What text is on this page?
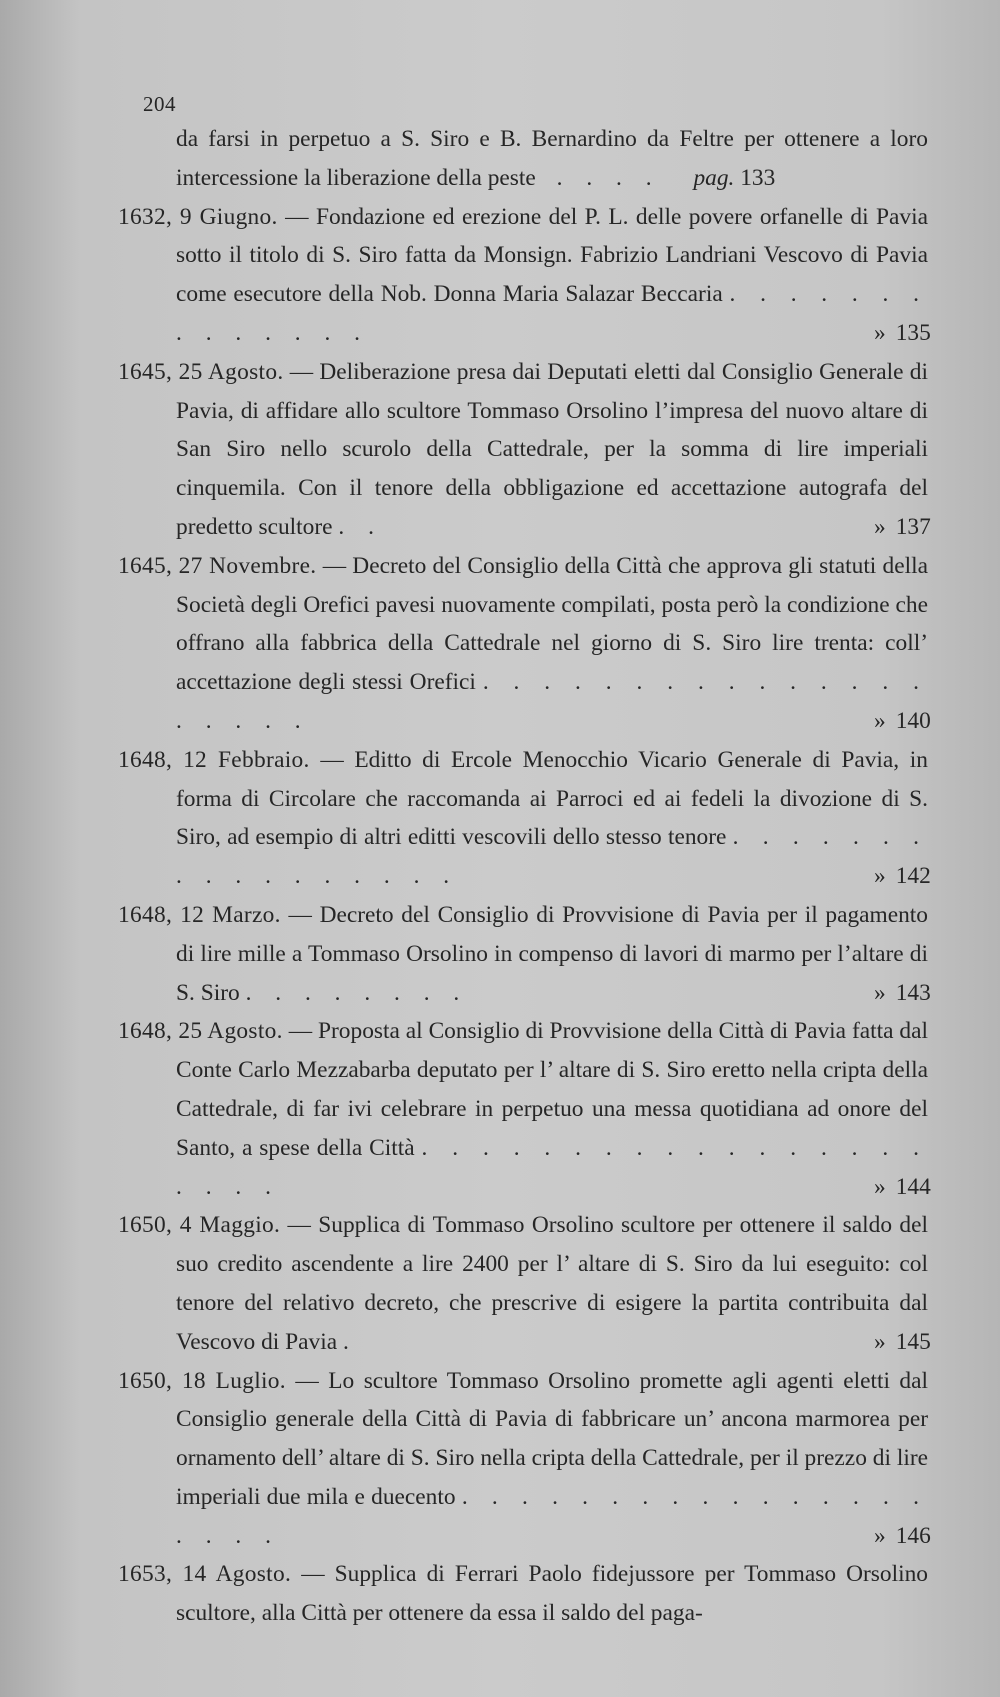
204
da farsi in perpetuo a S. Siro e B. Bernardino da Feltre per ottenere a loro intercessione la liberazione della peste . . . . pag. 133
1632, 9 Giugno. — Fondazione ed erezione del P. L. delle povere orfanelle di Pavia sotto il titolo di S. Siro fatta da Monsign. Fabrizio Landriani Vescovo di Pavia come esecutore della Nob. Donna Maria Salazar Beccaria . . . . . . . . . . . . . .	» 135
1645, 25 Agosto. — Deliberazione presa dai Deputati eletti dal Consiglio Generale di Pavia, di affidare allo scultore Tommaso Orsolino l’impresa del nuovo altare di San Siro nello scurolo della Cattedrale, per la somma di lire imperiali cinquemila. Con il tenore della obbligazione ed accettazione autografa del predetto scultore . .	» 137
1645, 27 Novembre. — Decreto del Consiglio della Città che approva gli statuti della Società degli Orefici pavesi nuovamente compilati, posta però la condizione che offrano alla fabbrica della Cattedrale nel giorno di S. Siro lire trenta: coll’ accettazione degli stessi Orefici . . . . . . . . . . . . . . . . . . . .	» 140
1648, 12 Febbraio. — Editto di Ercole Menocchio Vicario Generale di Pavia, in forma di Circolare che raccomanda ai Parroci ed ai fedeli la divozione di S. Siro, ad esempio di altri editti vescovili dello stesso tenore . . . . . . . . . . . . . . . . .	» 142
1648, 12 Marzo. — Decreto del Consiglio di Provvisione di Pavia per il pagamento di lire mille a Tommaso Orsolino in compenso di lavori di marmo per l’altare di S. Siro . . . . . . . .	» 143
1648, 25 Agosto. — Proposta al Consiglio di Provvisione della Città di Pavia fatta dal Conte Carlo Mezzabarba deputato per l’ altare di S. Siro eretto nella cripta della Cattedrale, di far ivi celebrare in perpetuo una messa quotidiana ad onore del Santo, a spese della Città . . . . . . . . . . . . . . . . . . . . .	» 144
1650, 4 Maggio. — Supplica di Tommaso Orsolino scultore per ottenere il saldo del suo credito ascendente a lire 2400 per l’ altare di S. Siro da lui eseguito: col tenore del relativo decreto, che prescrive di esigere la partita contribuita dal Vescovo di Pavia .	» 145
1650, 18 Luglio. — Lo scultore Tommaso Orsolino promette agli agenti eletti dal Consiglio generale della Città di Pavia di fabbricare un’ ancona marmorea per ornamento dell’ altare di S. Siro nella cripta della Cattedrale, per il prezzo di lire imperiali due mila e duecento . . . . . . . . . . . . . . . . . . . .	» 146
1653, 14 Agosto. — Supplica di Ferrari Paolo fidejussore per Tommaso Orsolino scultore, alla Città per ottenere da essa il saldo del paga-
